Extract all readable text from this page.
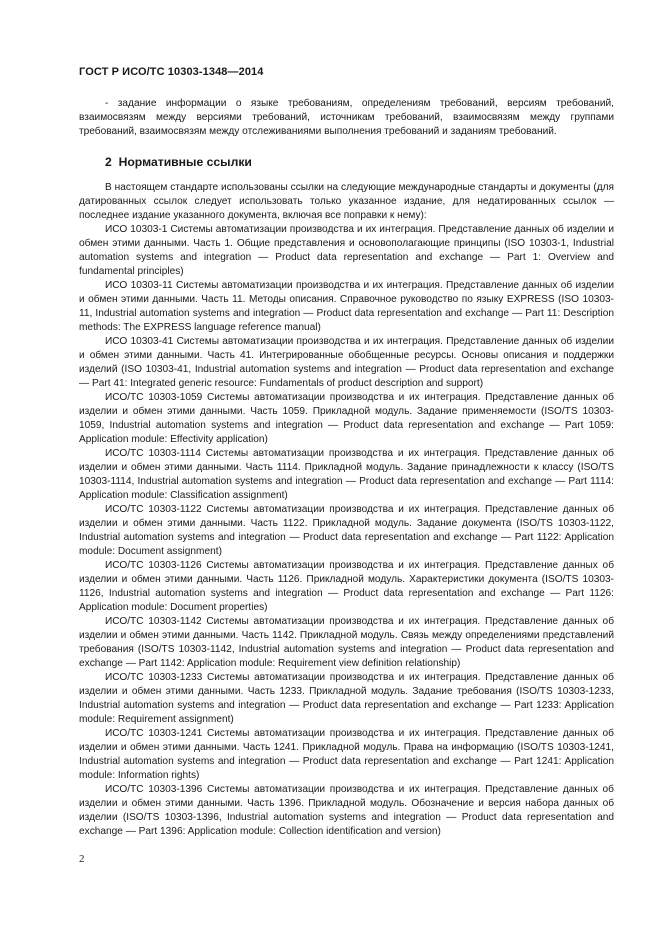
ГОСТ Р ИСО/ТС 10303-1348—2014

- задание информации о языке требованиям, определениям требований, версиям требований, взаимосвязям между версиями требований, источникам требований, взаимосвязям между группами требований, взаимосвязям между отслеживаниями выполнения требований и заданиям требований.

2 Нормативные ссылки

В настоящем стандарте использованы ссылки на следующие международные стандарты и документы (для датированных ссылок следует использовать только указанное издание, для недатированных ссылок — последнее издание указанного документа, включая все поправки к нему):

ИСО 10303-1 Системы автоматизации производства и их интеграция. Представление данных об изделии и обмен этими данными. Часть 1. Общие представления и основополагающие принципы (ISO 10303-1, Industrial automation systems and integration — Product data representation and exchange — Part 1: Overview and fundamental principles)

ИСО 10303-11 Системы автоматизации производства и их интеграция. Представление данных об изделии и обмен этими данными. Часть 11. Методы описания. Справочное руководство по языку EXPRESS (ISO 10303-11, Industrial automation systems and integration — Product data representation and exchange — Part 11: Description methods: The EXPRESS language reference manual)

ИСО 10303-41 Системы автоматизации производства и их интеграция. Представление данных об изделии и обмен этими данными. Часть 41. Интегрированные обобщенные ресурсы. Основы описания и поддержки изделий (ISO 10303-41, Industrial automation systems and integration — Product data representation and exchange — Part 41: Integrated generic resource: Fundamentals of product description and support)

ИСО/ТС 10303-1059 Системы автоматизации производства и их интеграция. Представление данных об изделии и обмен этими данными. Часть 1059. Прикладной модуль. Задание применяемости (ISO/TS 10303-1059, Industrial automation systems and integration — Product data representation and exchange — Part 1059: Application module: Effectivity application)

ИСО/ТС 10303-1114 Системы автоматизации производства и их интеграция. Представление данных об изделии и обмен этими данными. Часть 1114. Прикладной модуль. Задание принадлежности к классу (ISO/TS 10303-1114, Industrial automation systems and integration — Product data representation and exchange — Part 1114: Application module: Classification assignment)

ИСО/ТС 10303-1122 Системы автоматизации производства и их интеграция. Представление данных об изделии и обмен этими данными. Часть 1122. Прикладной модуль. Задание документа (ISO/TS 10303-1122, Industrial automation systems and integration — Product data representation and exchange — Part 1122: Application module: Document assignment)

ИСО/ТС 10303-1126 Системы автоматизации производства и их интеграция. Представление данных об изделии и обмен этими данными. Часть 1126. Прикладной модуль. Характеристики документа (ISO/TS 10303-1126, Industrial automation systems and integration — Product data representation and exchange — Part 1126: Application module: Document properties)

ИСО/ТС 10303-1142 Системы автоматизации производства и их интеграция. Представление данных об изделии и обмен этими данными. Часть 1142. Прикладной модуль. Связь между определениями представлений требования (ISO/TS 10303-1142, Industrial automation systems and integration — Product data representation and exchange — Part 1142: Application module: Requirement view definition relationship)

ИСО/ТС 10303-1233 Системы автоматизации производства и их интеграция. Представление данных об изделии и обмен этими данными. Часть 1233. Прикладной модуль. Задание требования (ISO/TS 10303-1233, Industrial automation systems and integration — Product data representation and exchange — Part 1233: Application module: Requirement assignment)

ИСО/ТС 10303-1241 Системы автоматизации производства и их интеграция. Представление данных об изделии и обмен этими данными. Часть 1241. Прикладной модуль. Права на информацию (ISO/TS 10303-1241, Industrial automation systems and integration — Product data representation and exchange — Part 1241: Application module: Information rights)

ИСО/ТС 10303-1396 Системы автоматизации производства и их интеграция. Представление данных об изделии и обмен этими данными. Часть 1396. Прикладной модуль. Обозначение и версия набора данных об изделии (ISO/TS 10303-1396, Industrial automation systems and integration — Product data representation and exchange — Part 1396: Application module: Collection identification and version)

2
